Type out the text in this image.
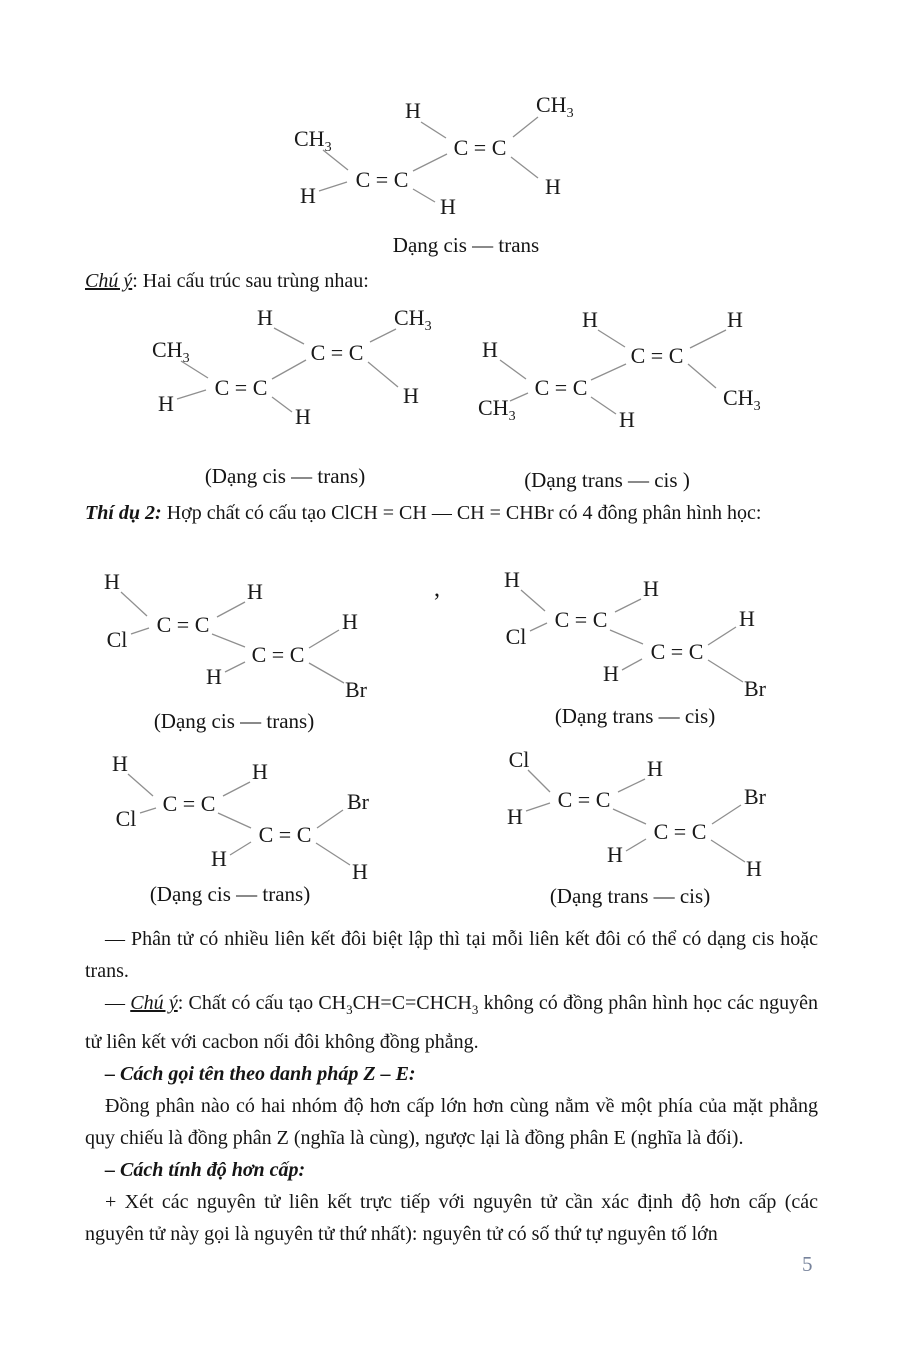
$CH_3$
H
C = C
H
C = C
H	$CH_3$
H
Dạng cis — trans
Chú ý: Hai cấu trúc sau trùng nhau:
$CH_3$
H
C = C
H
C = C
H	$CH_3$
H
(Dạng cis — trans)
H
$CH_3$
C = C
H
C = C
H	H
$CH_3$
(Dạng trans — cis )
Thí dụ 2: Hợp chất có cấu tạo ClCH = CH — CH = CHBr có 4 đông phân hình học:
H
Cl
C = C
H
C = C
H
H
Br
,
(Dạng cis — trans)
H
Cl
C = C
H
C = C
H
H
Br
(Dạng trans — cis)
H
Cl
C = C
H
C = C
H
Br
H
(Dạng cis — trans)
Cl
H
C = C
H
C = C
H
Br
H
(Dạng trans — cis)

— Phân tử có nhiều liên kết đôi biệt lập thì tại mỗi liên kết đôi có thể có dạng cis hoặc trans.

— Chú ý: Chất có cấu tạo $CH_3CH=C=CHCH_3$ không có đồng phân hình học các nguyên tử liên kết với cacbon nối đôi không đồng phẳng.

– Cách gọi tên theo danh pháp Z – E:

Đồng phân nào có hai nhóm độ hơn cấp lớn hơn cùng nằm về một phía của mặt phẳng quy chiếu là đồng phân Z (nghĩa là cùng), ngược lại là đồng phân E (nghĩa là đối).

– Cách tính độ hơn cấp:

+ Xét các nguyên tử liên kết trực tiếp với nguyên tử cần xác định độ hơn cấp (các nguyên tử này gọi là nguyên tử thứ nhất): nguyên tử có số thứ tự nguyên tố lớn

5
